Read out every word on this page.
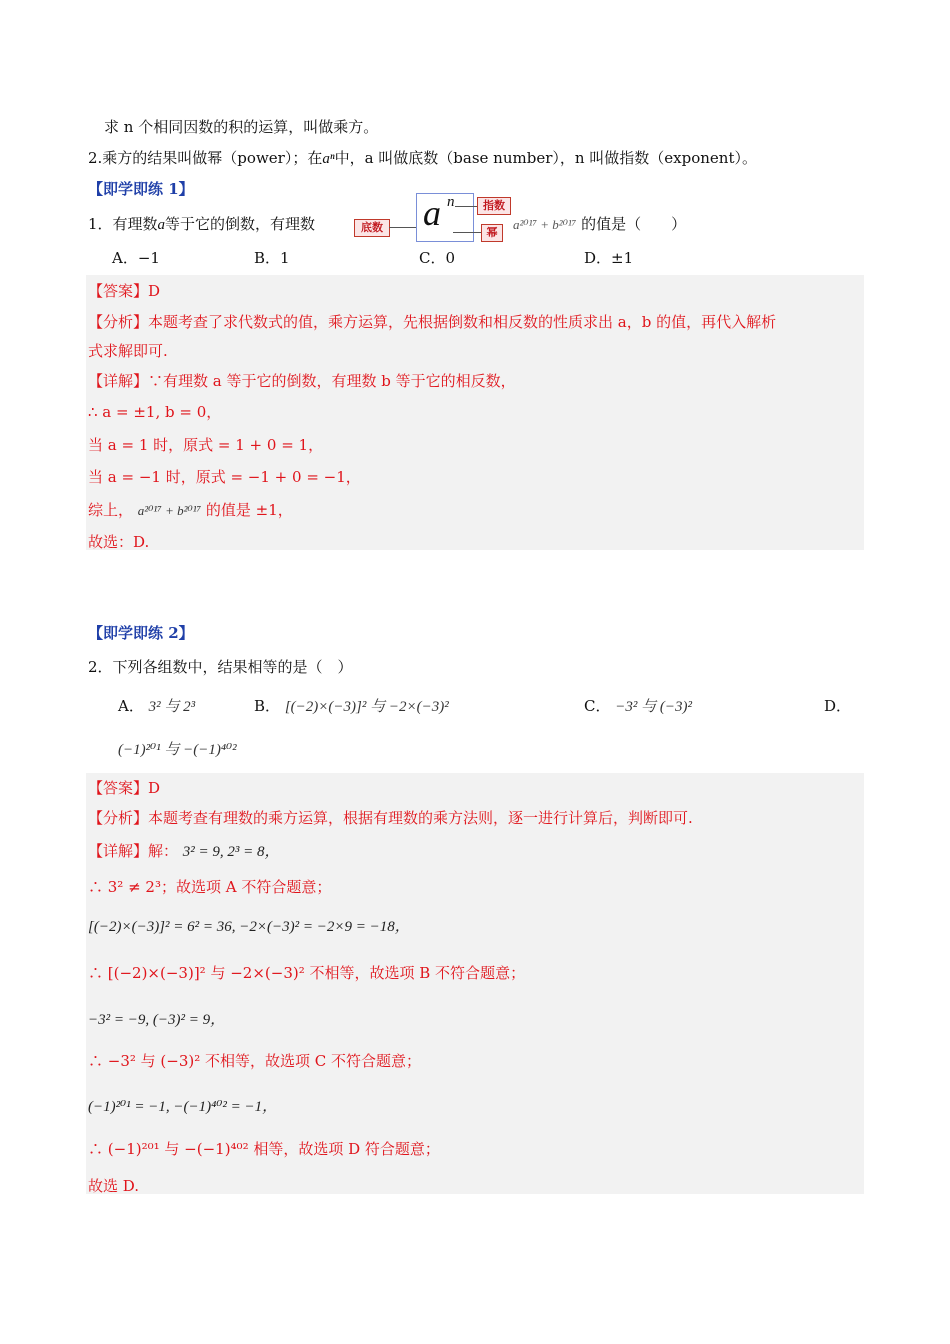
求 n 个相同因数的积的运算，叫做乘方。
2.乘方的结果叫做幂（power）；在aⁿ中，a 叫做底数（base number），n 叫做指数（exponent）。
【即学即练 1】
1．有理数a等于它的倒数，有理数	底数 a n	指数
幂
a²⁰¹⁷ + b²⁰¹⁷ 的值是（　　）
A．−1	B．1	C．0	D．±1
【答案】D
【分析】本题考查了求代数式的值，乘方运算，先根据倒数和相反数的性质求出 a，b 的值，再代入解析
式求解即可.
【详解】∵有理数 a 等于它的倒数，有理数 b 等于它的相反数，
∴ a = ±1, b = 0，
当 a = 1 时，原式 = 1 + 0 = 1，
当 a = −1 时，原式 = −1 + 0 = −1，
综上， a²⁰¹⁷ + b²⁰¹⁷ 的值是 ±1，
故选：D.
【即学即练 2】
2．下列各组数中，结果相等的是（　）
A． 3² 与 2³	B． [(−2)×(−3)]² 与 −2×(−3)²	C． −3² 与 (−3)²	D．
(−1)²⁰¹ 与 −(−1)⁴⁰²
【答案】D
【分析】本题考查有理数的乘方运算，根据有理数的乘方法则，逐一进行计算后，判断即可.
【详解】解： 3² = 9, 2³ = 8，
∴ 3² ≠ 2³；故选项 A 不符合题意；
[(−2)×(−3)]² = 6² = 36, −2×(−3)² = −2×9 = −18，
∴ [(−2)×(−3)]² 与 −2×(−3)² 不相等，故选项 B 不符合题意；
−3² = −9, (−3)² = 9，
∴ −3² 与 (−3)² 不相等，故选项 C 不符合题意；
(−1)²⁰¹ = −1, −(−1)⁴⁰² = −1，
∴ (−1)²⁰¹ 与 −(−1)⁴⁰² 相等，故选项 D 符合题意；
故选 D.
